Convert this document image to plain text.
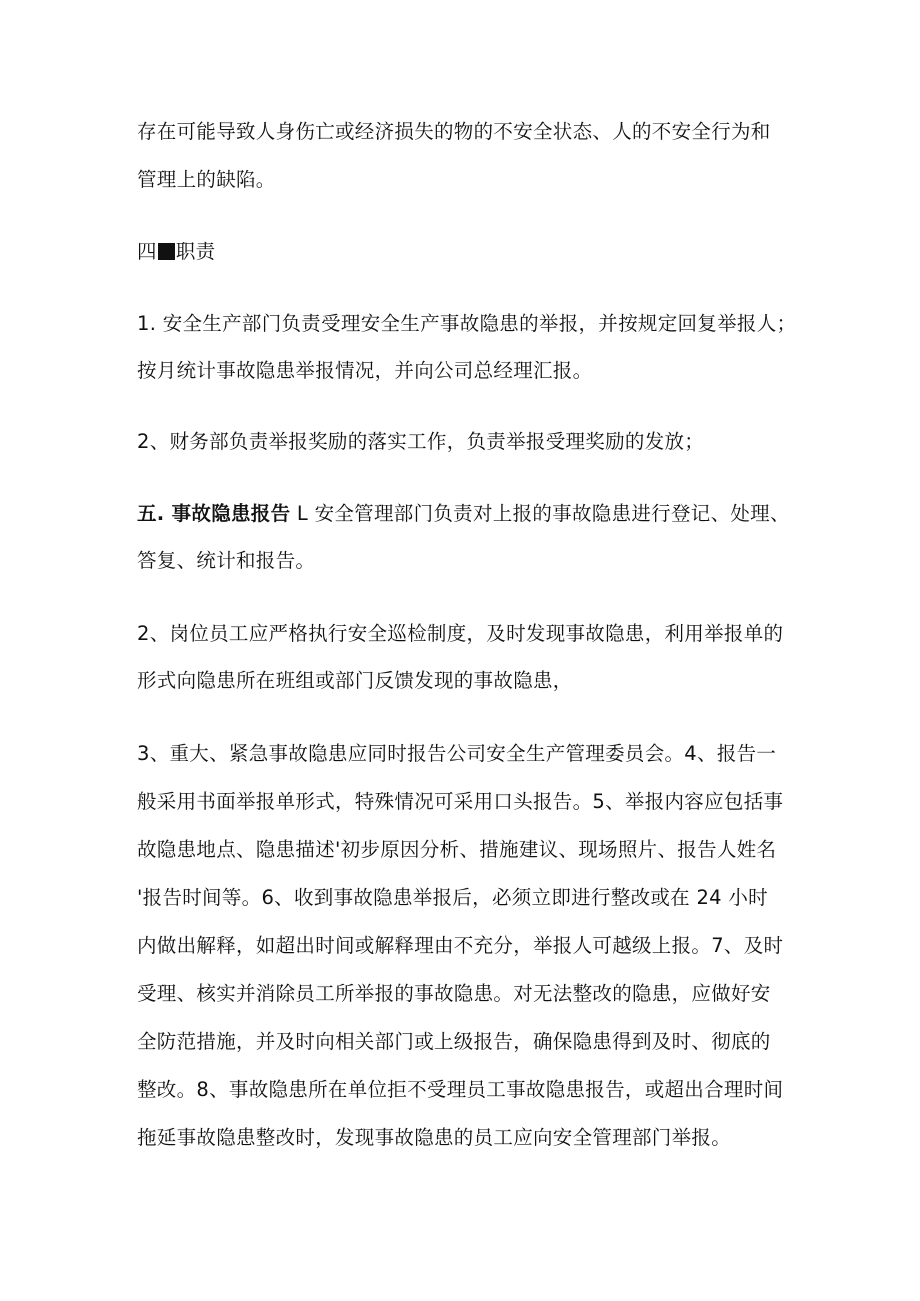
存在可能导致人身伤亡或经济损失的物的不安全状态、人的不安全行为和
管理上的缺陷。
四 职责
1. 安全生产部门负责受理安全生产事故隐患的举报，并按规定回复举报人；
按月统计事故隐患举报情况，并向公司总经理汇报。
2、财务部负责举报奖励的落实工作，负责举报受理奖励的发放；
五. 事故隐患报告 L 安全管理部门负责对上报的事故隐患进行登记、处理、
答复、统计和报告。
2、岗位员工应严格执行安全巡检制度，及时发现事故隐患，利用举报单的
形式向隐患所在班组或部门反馈发现的事故隐患，
3、重大、紧急事故隐患应同时报告公司安全生产管理委员会。4、报告一
般采用书面举报单形式，特殊情况可采用口头报告。5、举报内容应包括事
故隐患地点、隐患描述'初步原因分析、措施建议、现场照片、报告人姓名
'报告时间等。6、收到事故隐患举报后，必须立即进行整改或在 24 小时
内做出解释，如超出时间或解释理由不充分，举报人可越级上报。7、及时
受理、核实并消除员工所举报的事故隐患。对无法整改的隐患，应做好安
全防范措施，并及时向相关部门或上级报告，确保隐患得到及时、彻底的
整改。8、事故隐患所在单位拒不受理员工事故隐患报告，或超出合理时间
拖延事故隐患整改时，发现事故隐患的员工应向安全管理部门举报。
